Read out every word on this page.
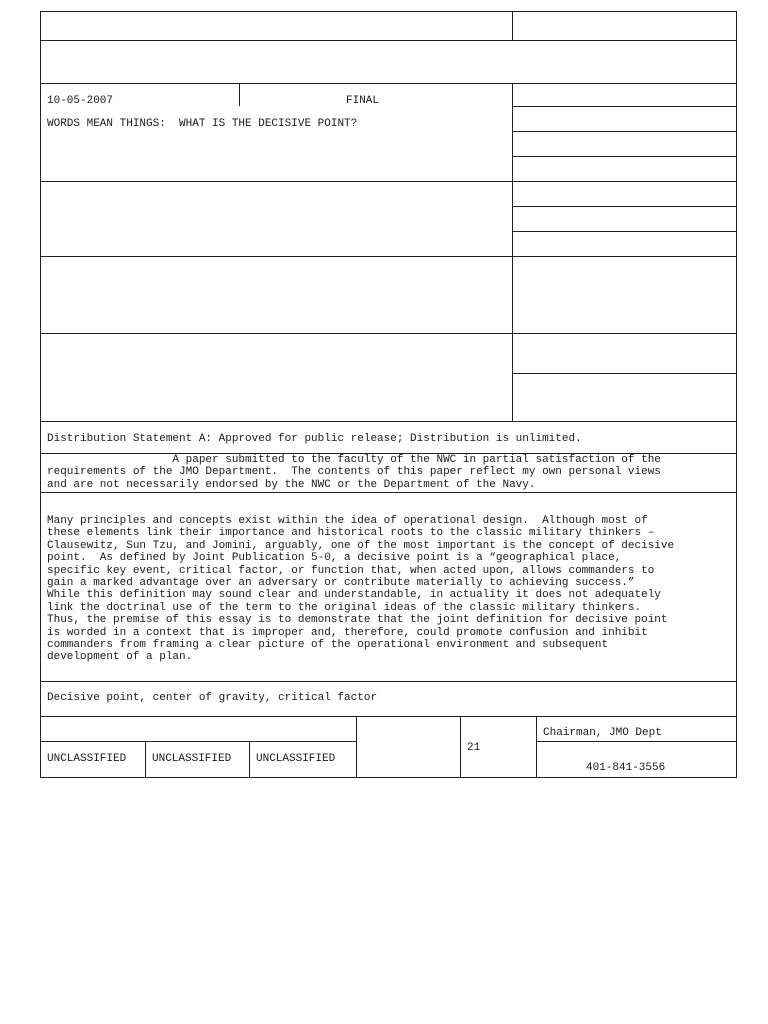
10-05-2007	FINAL
WORDS MEAN THINGS:  WHAT IS THE DECISIVE POINT?
Distribution Statement A: Approved for public release; Distribution is unlimited.
A paper submitted to the faculty of the NWC in partial satisfaction of the
requirements of the JMO Department.  The contents of this paper reflect my own personal views
and are not necessarily endorsed by the NWC or the Department of the Navy.
Many principles and concepts exist within the idea of operational design.  Although most of
these elements link their importance and historical roots to the classic military thinkers –
Clausewitz, Sun Tzu, and Jomini, arguably, one of the most important is the concept of decisive
point.  As defined by Joint Publication 5-0, a decisive point is a “geographical place,
specific key event, critical factor, or function that, when acted upon, allows commanders to
gain a marked advantage over an adversary or contribute materially to achieving success.”
While this definition may sound clear and understandable, in actuality it does not adequately
link the doctrinal use of the term to the original ideas of the classic military thinkers.
Thus, the premise of this essay is to demonstrate that the joint definition for decisive point
is worded in a context that is improper and, therefore, could promote confusion and inhibit
commanders from framing a clear picture of the operational environment and subsequent
development of a plan.
Decisive point, center of gravity, critical factor
UNCLASSIFIED UNCLASSIFIED UNCLASSIFIED
21
Chairman, JMO Dept
401-841-3556
